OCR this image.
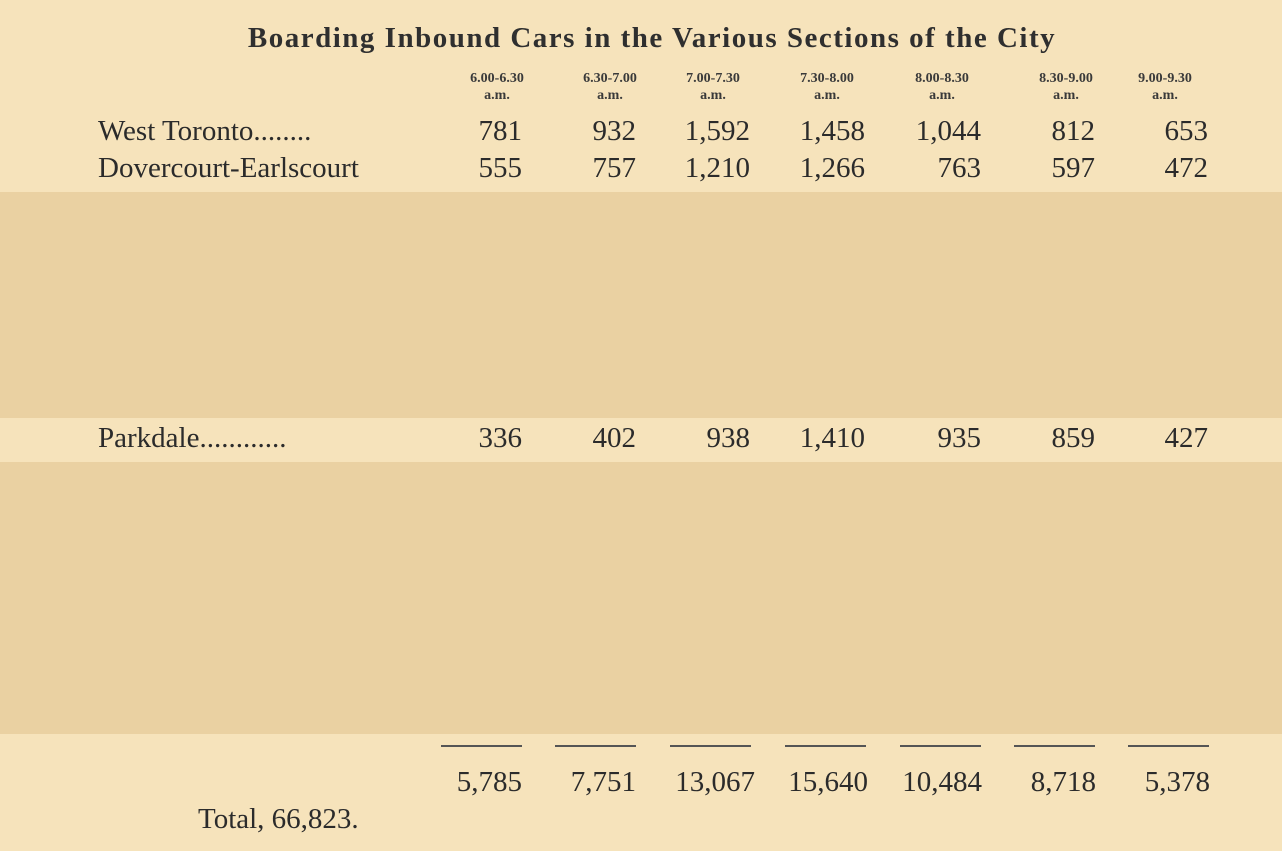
Boarding Inbound Cars in the Various Sections of the City
6.00-6.30
a.m.
6.30-7.00
a.m.
7.00-7.30
a.m.
7.30-8.00
a.m.
8.00-8.30
a.m.
8.30-9.00
a.m.
9.00-9.30
a.m.
West Toronto........	781	932	1,592	1,458	1,044	812	653
Dovercourt-Earlscourt	555	757	1,210	1,266	763	597	472
Parkdale............	336	402	938	1,410	935	859	427
5,785	7,751	13,067	15,640	10,484	8,718	5,378
Total, 66,823.
